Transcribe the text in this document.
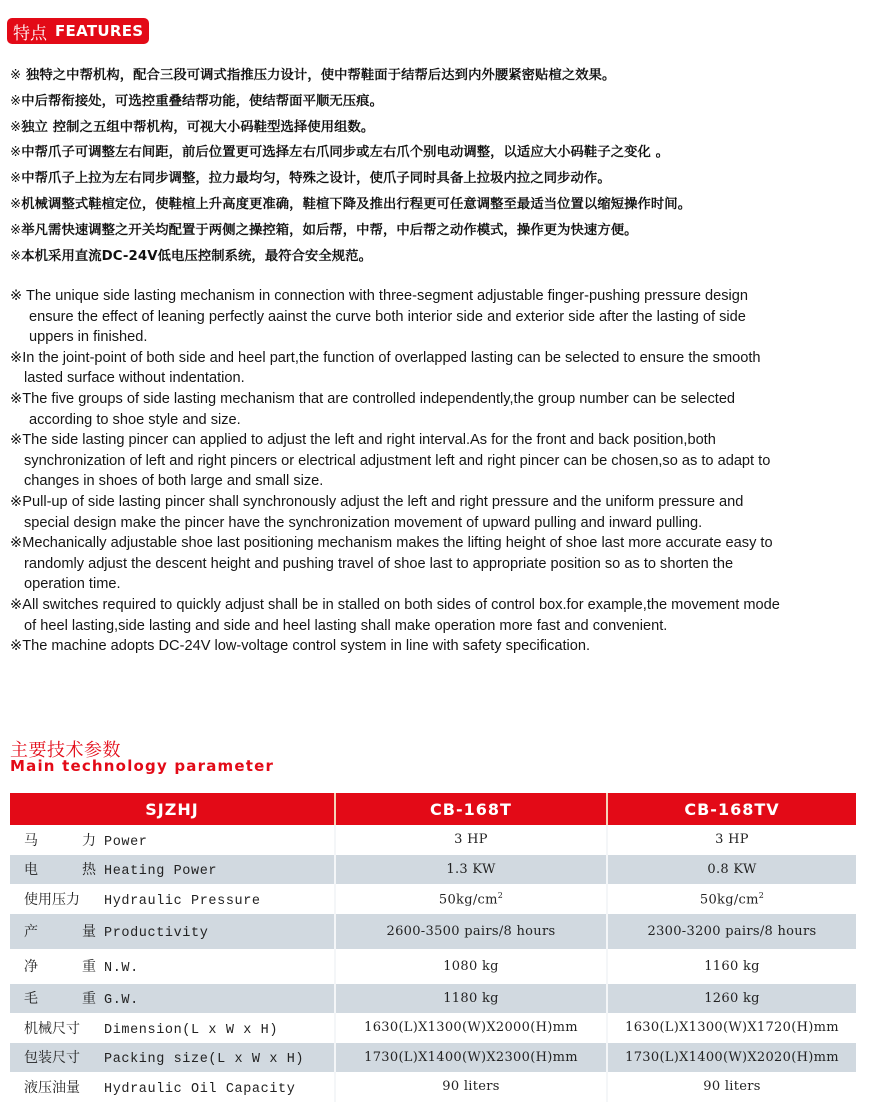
特点 FEATURES
※ 独特之中帮机构，配合三段可调式指推压力设计，使中帮鞋面于结帮后达到内外腰紧密贴楦之效果。
※中后帮衔接处，可选控重叠结帮功能，使结帮面平顺无压痕。
※独立 控制之五组中帮机构，可视大小码鞋型选择使用组数。
※中帮爪子可调整左右间距，前后位置更可选择左右爪同步或左右爪个别电动调整，以适应大小码鞋子之变化 。
※中帮爪子上拉为左右同步调整，拉力最均匀，特殊之设计，使爪子同时具备上拉圾内拉之同步动作。
※机械调整式鞋楦定位，使鞋楦上升高度更准确，鞋楦下降及推出行程更可任意调整至最适当位置以缩短操作时间。
※举凡需快速调整之开关均配置于两侧之操控箱，如后帮，中帮，中后帮之动作模式，操作更为快速方便。
※本机采用直流DC-24V低电压控制系统，最符合安全规范。
※ The unique side lasting mechanism in connection with three-segment adjustable finger-pushing pressure design
ensure the effect of leaning perfectly aainst the curve both interior side and exterior side after the lasting of side
uppers in finished.
※In the joint-point of both side and heel part,the function of overlapped lasting can be selected to ensure the smooth
lasted surface without indentation.
※The five groups of side lasting mechanism that are controlled independently,the group number can be selected
according to shoe style and size.
※The side lasting pincer can applied to adjust the left and right interval.As for the front and back position,both
synchronization of left and right pincers or electrical adjustment left and right pincer can be chosen,so as to adapt to
changes in shoes of both large and small size.
※Pull-up of side lasting pincer shall synchronously adjust the left and right pressure and the uniform pressure and
special design make the pincer have the synchronization movement of upward pulling and inward pulling.
※Mechanically adjustable shoe last positioning mechanism makes the lifting height of shoe last more accurate easy to
randomly adjust the descent height and pushing travel of shoe last to appropriate position so as to shorten the
operation time.
※All switches required to quickly adjust shall be in stalled on both sides of control box.for example,the movement mode
of heel lasting,side lasting and side and heel lasting shall make operation more fast and convenient.
※The machine adopts DC-24V low-voltage control system in line with safety specification.
主要技术参数
Main technology parameter
SJZHJ	CB-168T	CB-168TV

马 力 Power	3 HP	3 HP

电 热 Heating Power	1.3 KW	0.8 KW
使用压力 Hydraulic Pressure	$50kg/cm^2$	$50kg/cm^2$

产 量 Productivity	2600-3500 pairs/8 hours	2300-3200 pairs/8 hours

净 重 N.W.	1080 kg	1160 kg

毛 重 G.W.	1180 kg	1260 kg
机械尺寸 Dimension(L x W x H)	1630(L)X1300(W)X2000(H)mm	1630(L)X1300(W)X1720(H)mm
包装尺寸 Packing size(L x W x H)	1730(L)X1400(W)X2300(H)mm	1730(L)X1400(W)X2020(H)mm
液压油量 Hydraulic Oil Capacity	90 liters	90 liters
